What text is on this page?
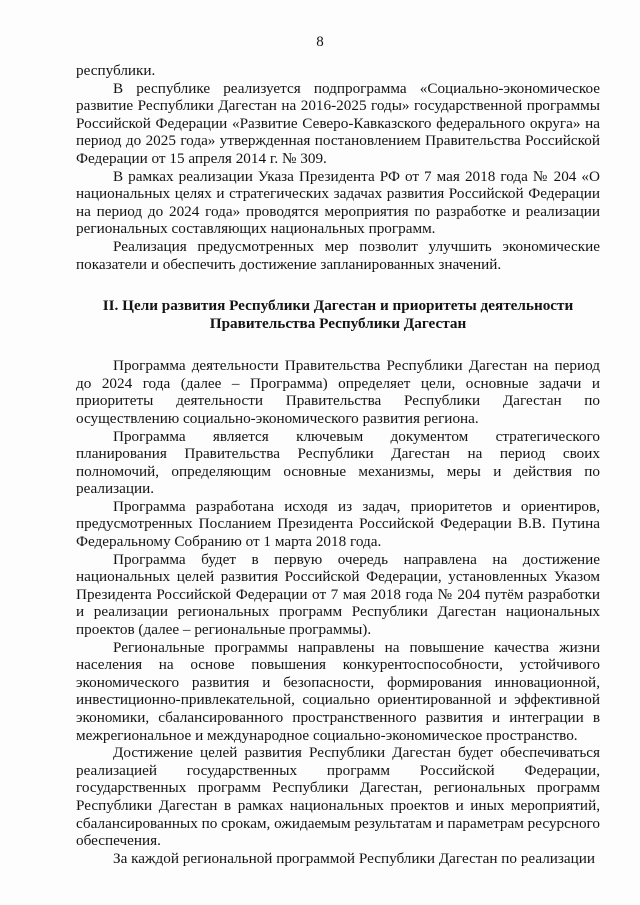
8

республики.

В республике реализуется подпрограмма «Социально-экономическое развитие Республики Дагестан на 2016-2025 годы» государственной программы Российской Федерации «Развитие Северо-Кавказского федерального округа» на период до 2025 года» утвержденная постановлением Правительства Российской Федерации от 15 апреля 2014 г. № 309.

В рамках реализации Указа Президента РФ от 7 мая 2018 года № 204 «О национальных целях и стратегических задачах развития Российской Федерации на период до 2024 года» проводятся мероприятия по разработке и реализации региональных составляющих национальных программ.

Реализация предусмотренных мер позволит улучшить экономические показатели и обеспечить достижение запланированных значений.

II. Цели развития Республики Дагестан и приоритеты деятельности
Правительства Республики Дагестан

Программа деятельности Правительства Республики Дагестан на период до 2024 года (далее – Программа) определяет цели, основные задачи и приоритеты деятельности Правительства Республики Дагестан по осуществлению социально-экономического развития региона.

Программа является ключевым документом стратегического планирования Правительства Республики Дагестан на период своих полномочий, определяющим основные механизмы, меры и действия по реализации.

Программа разработана исходя из задач, приоритетов и ориентиров, предусмотренных Посланием Президента Российской Федерации В.В. Путина Федеральному Собранию от 1 марта 2018 года.

Программа будет в первую очередь направлена на достижение национальных целей развития Российской Федерации, установленных Указом Президента Российской Федерации от 7 мая 2018 года № 204 путём разработки и реализации региональных программ Республики Дагестан национальных проектов (далее – региональные программы).

Региональные программы направлены на повышение качества жизни населения на основе повышения конкурентоспособности, устойчивого экономического развития и безопасности, формирования инновационной, инвестиционно-привлекательной, социально ориентированной и эффективной экономики, сбалансированного пространственного развития и интеграции в межрегиональное и международное социально-экономическое пространство.

Достижение целей развития Республики Дагестан будет обеспечиваться реализацией государственных программ Российской Федерации, государственных программ Республики Дагестан, региональных программ Республики Дагестан в рамках национальных проектов и иных мероприятий, сбалансированных по срокам, ожидаемым результатам и параметрам ресурсного обеспечения.

За каждой региональной программой Республики Дагестан по реализации
